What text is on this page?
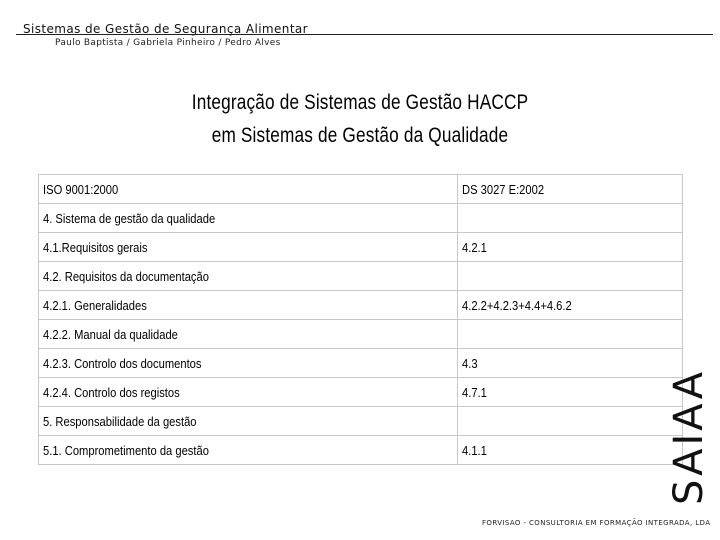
Sistemas de Gestão de Segurança Alimentar
Paulo Baptista / Gabriela Pinheiro / Pedro Alves
Integração de Sistemas de Gestão HACCP
em Sistemas de Gestão da Qualidade
ISO 9001:2000	DS 3027 E:2002
4. Sistema de gestão da qualidade	
4.1.Requisitos gerais	4.2.1
4.2. Requisitos da documentação	
4.2.1. Generalidades	4.2.2+4.2.3+4.4+4.6.2
4.2.2. Manual da qualidade	
4.2.3. Controlo dos documentos	4.3
4.2.4. Controlo dos registos	4.7.1
5. Responsabilidade da gestão	
5.1. Comprometimento da gestão	4.1.1	SAIAA
FORVISAO - CONSULTORIA EM FORMAÇÃO INTEGRADA, LDA
